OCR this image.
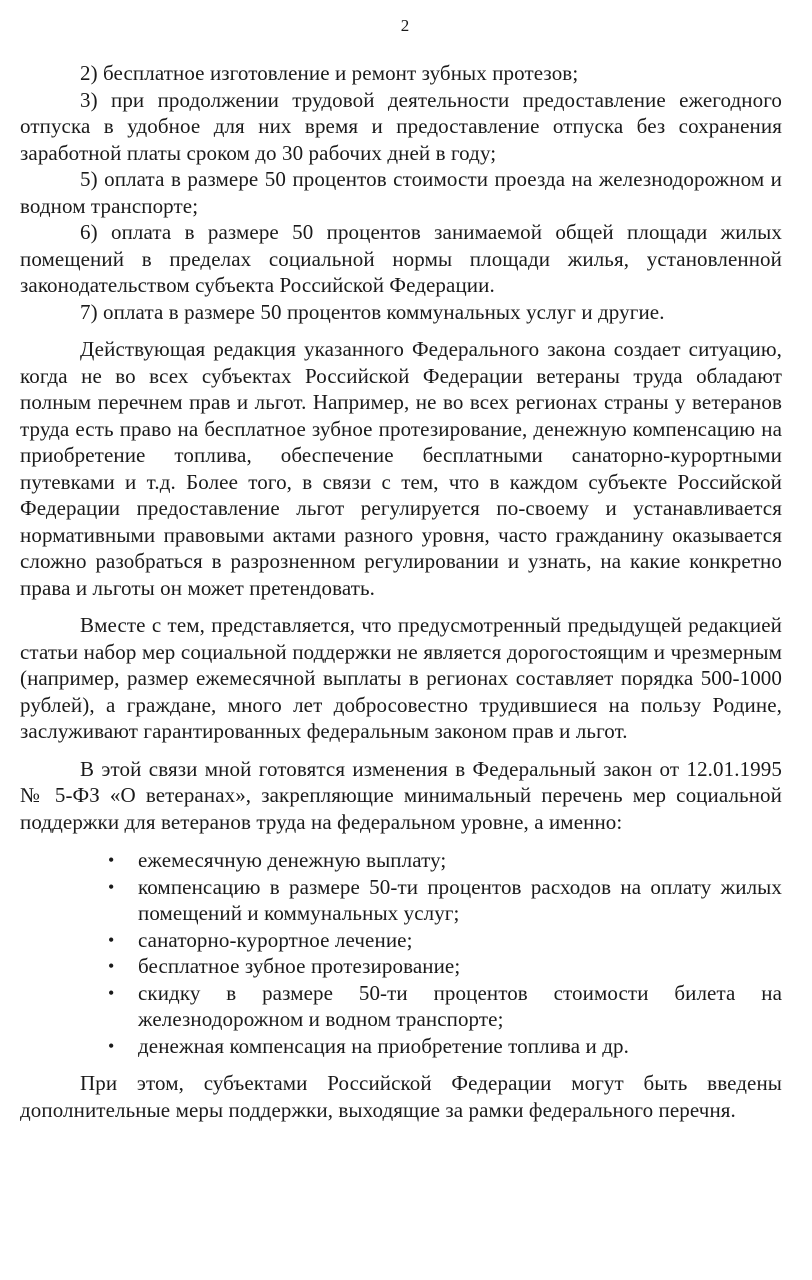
2

2) бесплатное изготовление и ремонт зубных протезов;

3) при продолжении трудовой деятельности предоставление ежегодного отпуска в удобное для них время и предоставление отпуска без сохранения заработной платы сроком до 30 рабочих дней в году;

5) оплата в размере 50 процентов стоимости проезда на железнодорожном и водном транспорте;

6) оплата в размере 50 процентов занимаемой общей площади жилых помещений в пределах социальной нормы площади жилья, установленной законодательством субъекта Российской Федерации.

7) оплата в размере 50 процентов коммунальных услуг и другие.

Действующая редакция указанного Федерального закона создает ситуацию, когда не во всех субъектах Российской Федерации ветераны труда обладают полным перечнем прав и льгот. Например, не во всех регионах страны у ветеранов труда есть право на бесплатное зубное протезирование, денежную компенсацию на приобретение топлива, обеспечение бесплатными санаторно-курортными путевками и т.д. Более того, в связи с тем, что в каждом субъекте Российской Федерации предоставление льгот регулируется по-своему и устанавливается нормативными правовыми актами разного уровня, часто гражданину оказывается сложно разобраться в разрозненном регулировании и узнать, на какие конкретно права и льготы он может претендовать.

Вместе с тем, представляется, что предусмотренный предыдущей редакцией статьи набор мер социальной поддержки не является дорогостоящим и чрезмерным (например, размер ежемесячной выплаты в регионах составляет порядка 500-1000 рублей), а граждане, много лет добросовестно трудившиеся на пользу Родине, заслуживают гарантированных федеральным законом прав и льгот.

В этой связи мной готовятся изменения в Федеральный закон от 12.01.1995 № 5-ФЗ «О ветеранах», закрепляющие минимальный перечень мер социальной поддержки для ветеранов труда на федеральном уровне, а именно:

• ежемесячную денежную выплату;
• компенсацию в размере 50-ти процентов расходов на оплату жилых помещений и коммунальных услуг;
• санаторно-курортное лечение;
• бесплатное зубное протезирование;
• скидку в размере 50-ти процентов стоимости билета на железнодорожном и водном транспорте;
• денежная компенсация на приобретение топлива и др.

При этом, субъектами Российской Федерации могут быть введены дополнительные меры поддержки, выходящие за рамки федерального перечня.
